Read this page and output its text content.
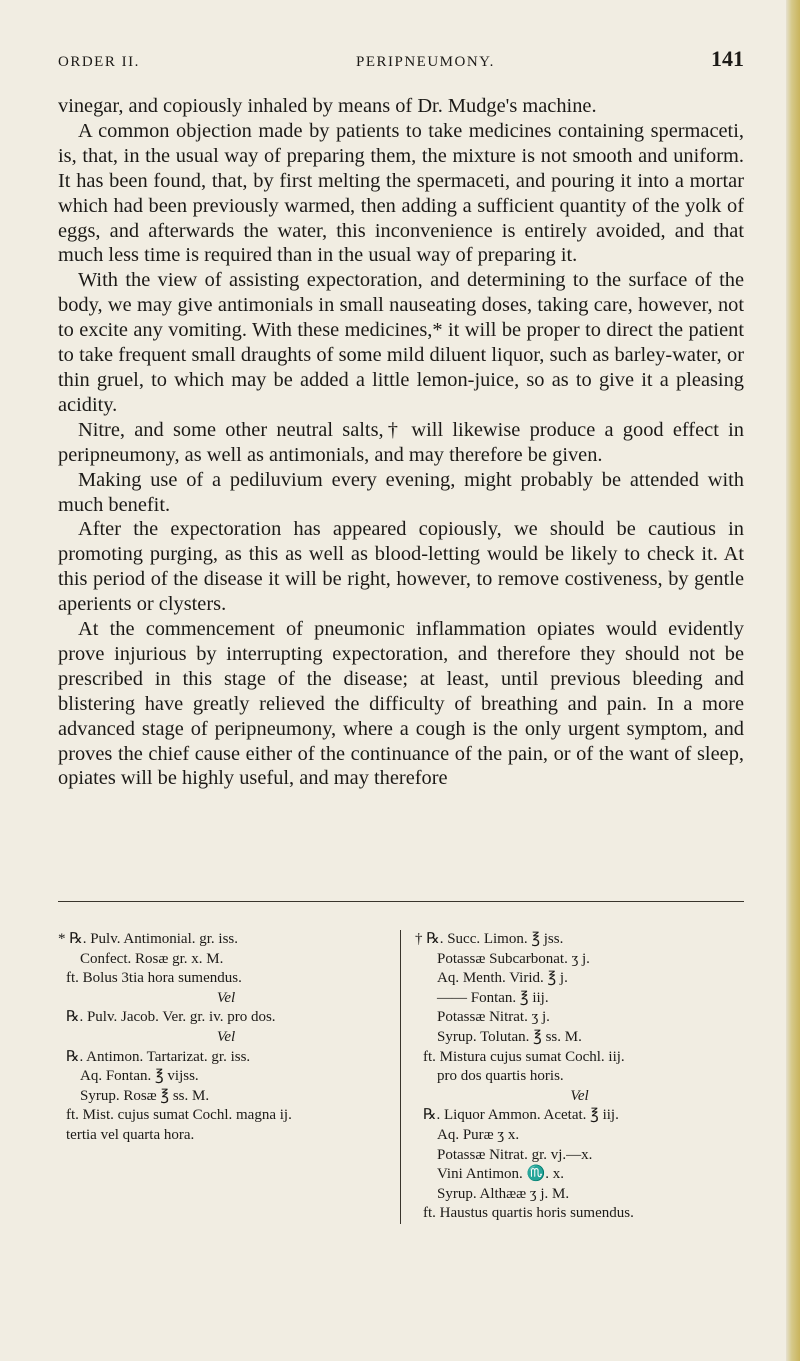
ORDER II.	PERIPNEUMONY.	141

vinegar, and copiously inhaled by means of Dr. Mudge's machine.

A common objection made by patients to take medicines containing spermaceti, is, that, in the usual way of preparing them, the mixture is not smooth and uniform. It has been found, that, by first melting the spermaceti, and pouring it into a mortar which had been previously warmed, then adding a sufficient quantity of the yolk of eggs, and afterwards the water, this inconvenience is entirely avoided, and that much less time is required than in the usual way of preparing it.

With the view of assisting expectoration, and determining to the surface of the body, we may give antimonials in small nauseating doses, taking care, however, not to excite any vomiting. With these medicines,* it will be proper to direct the patient to take frequent small draughts of some mild diluent liquor, such as barley-water, or thin gruel, to which may be added a little lemon-juice, so as to give it a pleasing acidity.

Nitre, and some other neutral salts,† will likewise produce a good effect in peripneumony, as well as antimonials, and may therefore be given.

Making use of a pediluvium every evening, might probably be attended with much benefit.

After the expectoration has appeared copiously, we should be cautious in promoting purging, as this as well as blood-letting would be likely to check it. At this period of the disease it will be right, however, to remove costiveness, by gentle aperients or clysters.

At the commencement of pneumonic inflammation opiates would evidently prove injurious by interrupting expectoration, and therefore they should not be prescribed in this stage of the disease; at least, until previous bleeding and blistering have greatly relieved the difficulty of breathing and pain. In a more advanced stage of peripneumony, where a cough is the only urgent symptom, and proves the chief cause either of the continuance of the pain, or of the want of sleep, opiates will be highly useful, and may therefore

* ℞. Pulv. Antimonial. gr. iss.
Confect. Rosæ gr. x. M.
ft. Bolus 3tia hora sumendus.
Vel
℞. Pulv. Jacob. Ver. gr. iv. pro dos.
Vel
℞. Antimon. Tartarizat. gr. iss.
Aq. Fontan. ℥ vijss.
Syrup. Rosæ ℥ ss. M.
ft. Mist. cujus sumat Cochl. magna ij.
tertia vel quarta hora.
† ℞. Succ. Limon. ℥ jss.
Potassæ Subcarbonat. ʒ j.
Aq. Menth. Virid. ℥ j.
—— Fontan. ℥ iij.
Potassæ Nitrat. ʒ j.
Syrup. Tolutan. ℥ ss. M.
ft. Mistura cujus sumat Cochl. iij.
pro dos quartis horis.
Vel
℞. Liquor Ammon. Acetat. ℥ iij.
Aq. Puræ ʒ x.
Potassæ Nitrat. gr. vj.—x.
Vini Antimon. ♏. x.
Syrup. Althææ ʒ j. M.
ft. Haustus quartis horis sumendus.
